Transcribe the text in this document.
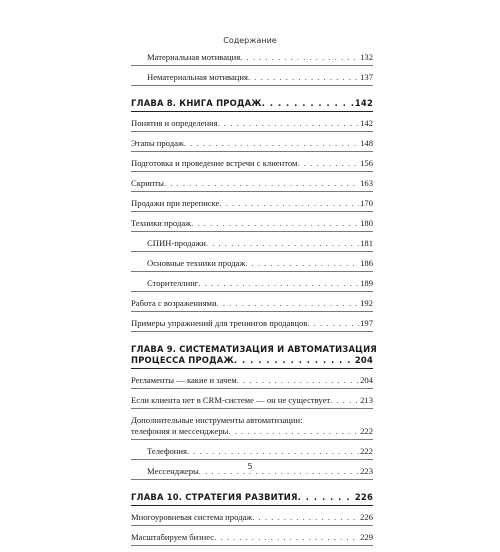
Содержание
Материальная мотивация . . .	132
Нематериальная мотивация . . .	137
ГЛАВА 8. КНИГА ПРОДАЖ . . .	142
Понятия и определения . . .	142
Этапы продаж . . .	148
Подготовка и проведение встречи с клиентом . . .	156
Скрипты . . .	163
Продажи при переписке . . .	170
Техники продаж . . .	180
СПИН-продажи . . .	181
Основные техники продаж . . .	186
Сторителлинг . . .	189
Работа с возражениями . . .	192
Примеры упражнений для тренингов продавцов . . .	197
ГЛАВА 9. СИСТЕМАТИЗАЦИЯ И АВТОМАТИЗАЦИЯ
ПРОЦЕССА ПРОДАЖ . . .	204
Регламенты — какие и зачем . . .	204
Если клиента нет в CRM-системе — он не существует . . .	213
Дополнительные инструменты автоматизации:
телефония и мессенджеры . . .	222
Телефония . . .	222
Мессенджеры . . .	223
ГЛАВА 10. СТРАТЕГИЯ РАЗВИТИЯ . . .	226
Многоуровневая система продаж . . .	226
Масштабируем бизнес . . .	229
5
